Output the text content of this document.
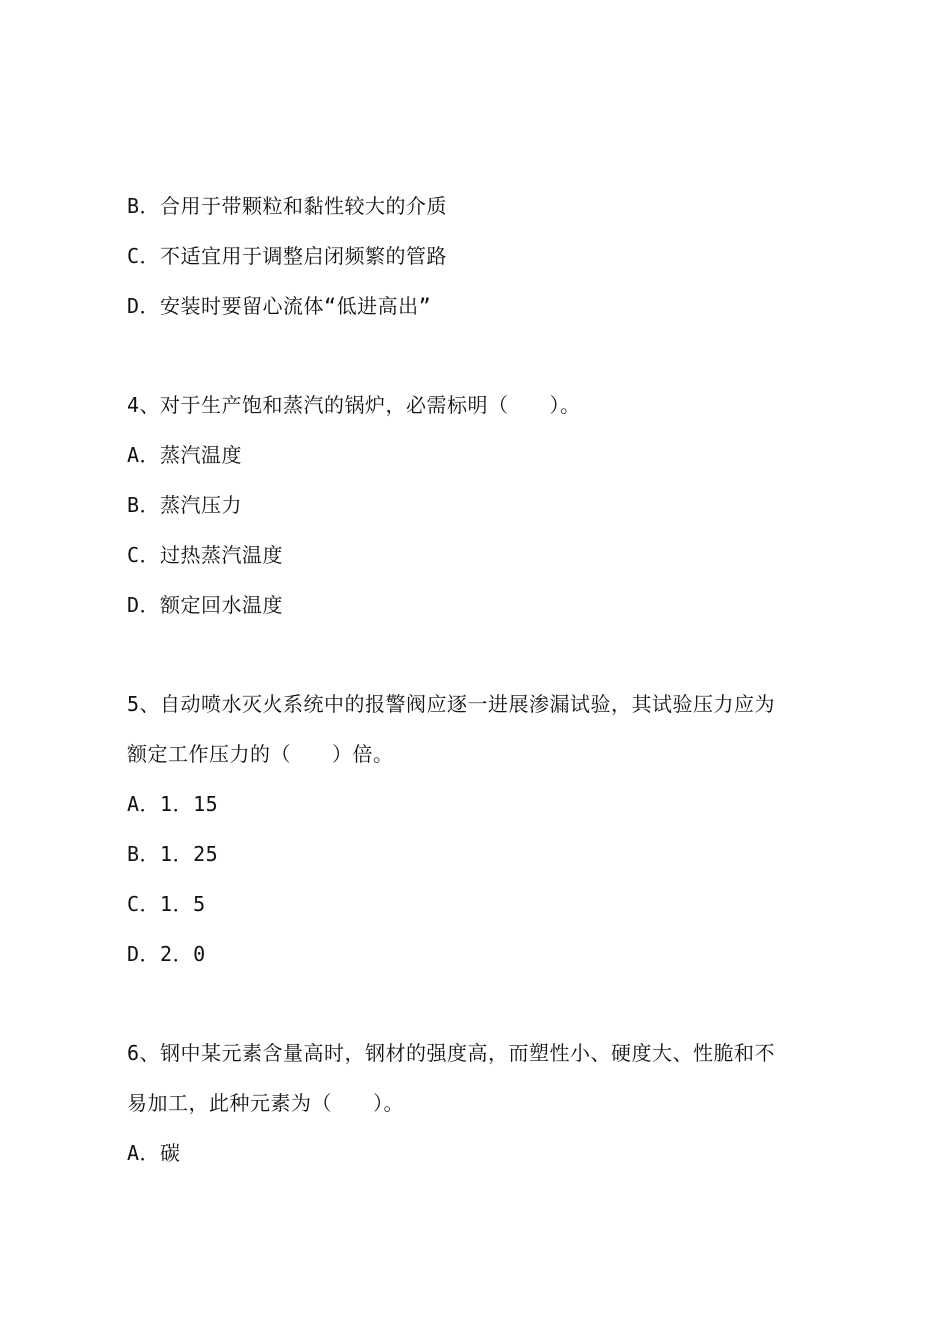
B．合用于带颗粒和黏性较大的介质
C．不适宜用于调整启闭频繁的管路
D．安装时要留心流体“低进高出”
4、对于生产饱和蒸汽的锅炉，必需标明（　　）。
A．蒸汽温度
B．蒸汽压力
C．过热蒸汽温度
D．额定回水温度
5、自动喷水灭火系统中的报警阀应逐一进展渗漏试验，其试验压力应为
额定工作压力的（　　）倍。
A．1．15
B．1．25
C．1．5
D．2．0
6、钢中某元素含量高时，钢材的强度高，而塑性小、硬度大、性脆和不
易加工，此种元素为（　　）。
A．碳
